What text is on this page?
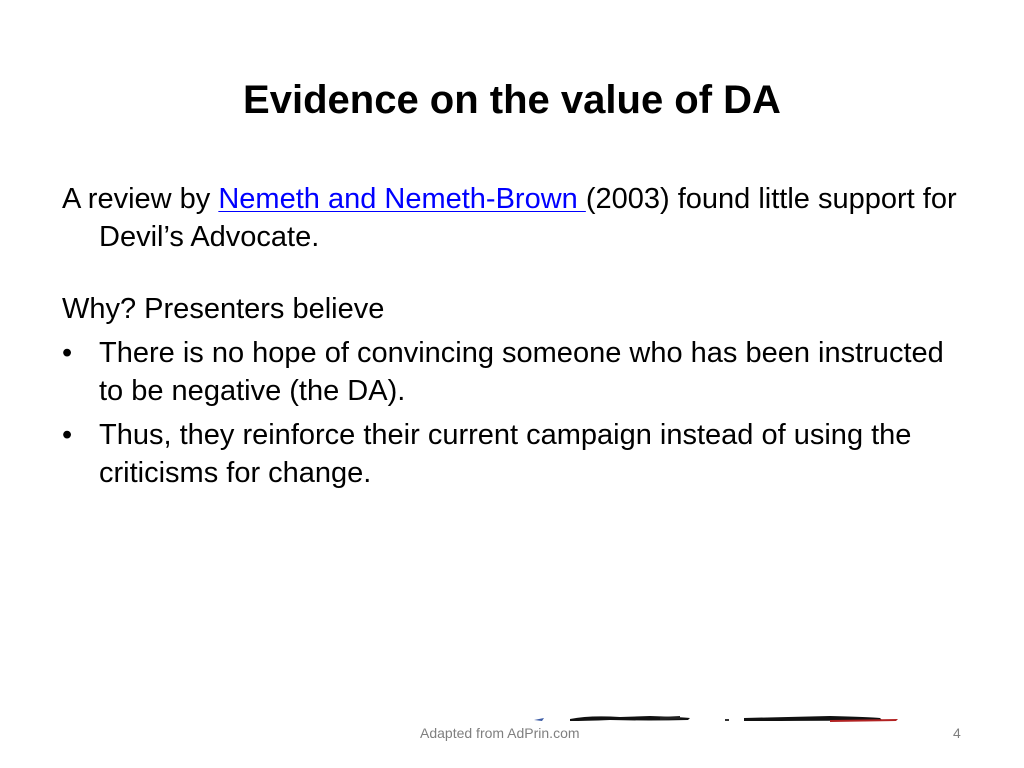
Evidence on the value of DA

A review by Nemeth and Nemeth-Brown (2003) found little support for Devil’s Advocate.

Why? Presenters believe

• There is no hope of convincing someone who has been instructed to be negative (the DA).
• Thus, they reinforce their current campaign instead of using the criticisms for change.
Adapted from AdPrin.com	4
